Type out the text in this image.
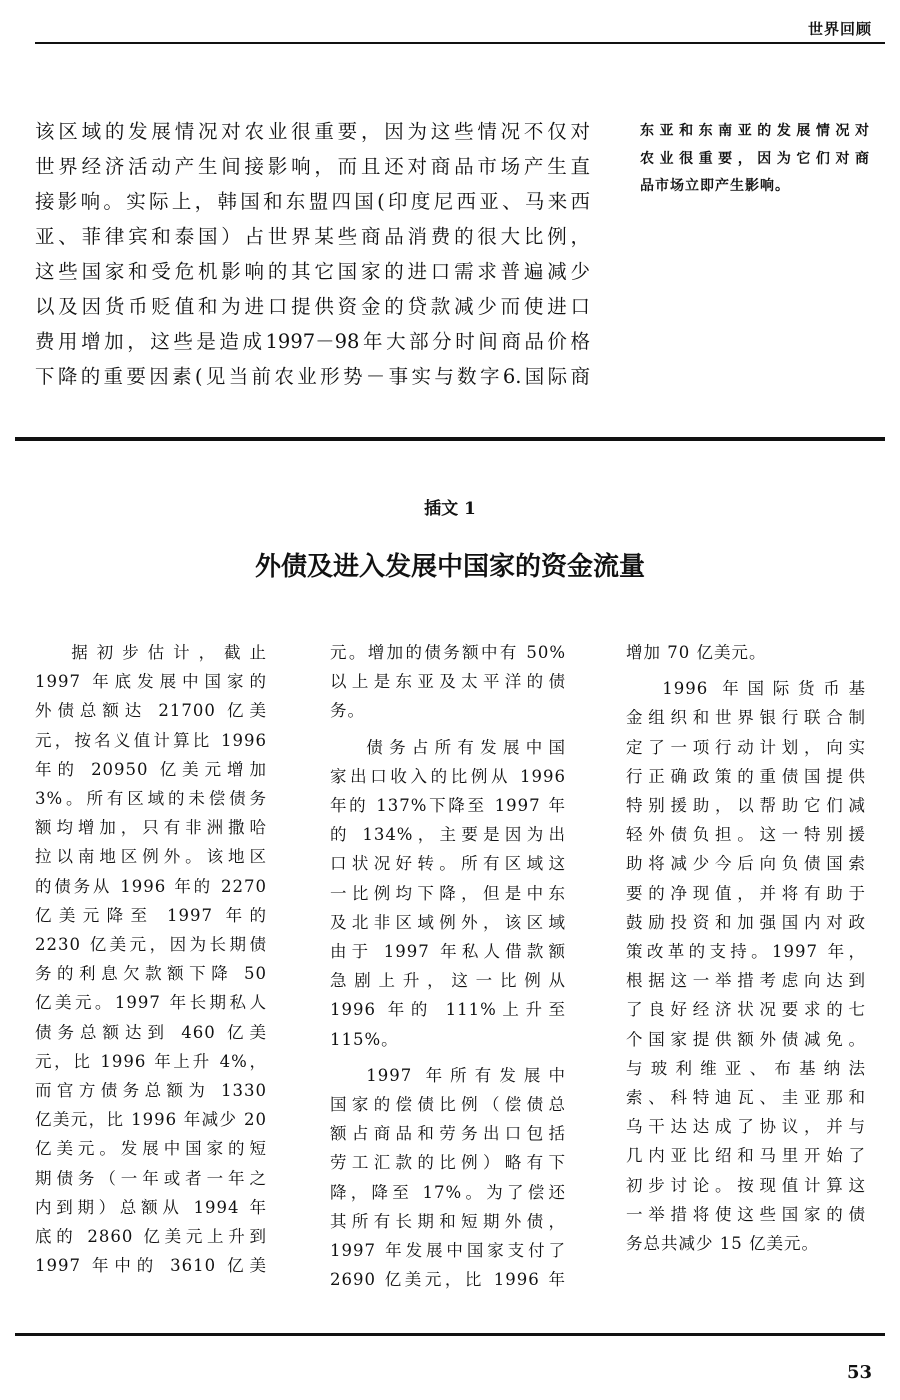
世界回顾
该区域的发展情况对农业很重要，因为这些情况不仅对
世界经济活动产生间接影响，而且还对商品市场产生直
接影响。实际上，韩国和东盟四国(印度尼西亚、马来西
亚、菲律宾和泰国）占世界某些商品消费的很大比例，
这些国家和受危机影响的其它国家的进口需求普遍减少
以及因货币贬值和为进口提供资金的贷款减少而使进口
费用增加，这些是造成1997－98年大部分时间商品价格
下降的重要因素(见当前农业形势－事实与数字6.国际商
东亚和东南亚的发展情况对
农业很重要，因为它们对商
品市场立即产生影响。
插文 1
外债及进入发展中国家的资金流量
据初步估计，截止
1997 年底发展中国家的
外债总额达 21700 亿美
元，按名义值计算比 1996
年的 20950 亿美元增加
3%。所有区域的未偿债务
额均增加，只有非洲撒哈
拉以南地区例外。该地区
的债务从 1996 年的 2270
亿美元降至 1997 年的
2230 亿美元，因为长期债
务的利息欠款额下降 50
亿美元。1997 年长期私人
债务总额达到 460 亿美
元，比 1996 年上升 4%，
而官方债务总额为 1330
亿美元，比 1996 年减少 20
亿美元。发展中国家的短
期债务（一年或者一年之
内到期）总额从 1994 年
底的 2860 亿美元上升到
1997 年中的 3610 亿美
元。增加的债务额中有 50%
以上是东亚及太平洋的债
务。
债务占所有发展中国
家出口收入的比例从 1996
年的 137%下降至 1997 年
的 134%，主要是因为出
口状况好转。所有区域这
一比例均下降，但是中东
及北非区域例外，该区域
由于 1997 年私人借款额
急剧上升，这一比例从
1996 年的 111%上升至
115%。
1997 年所有发展中
国家的偿债比例（偿债总
额占商品和劳务出口包括
劳工汇款的比例）略有下
降，降至 17%。为了偿还
其所有长期和短期外债，
1997 年发展中国家支付了
2690 亿美元，比 1996 年
增加 70 亿美元。
1996 年国际货币基
金组织和世界银行联合制
定了一项行动计划，向实
行正确政策的重债国提供
特别援助，以帮助它们减
轻外债负担。这一特别援
助将减少今后向负债国索
要的净现值，并将有助于
鼓励投资和加强国内对政
策改革的支持。1997 年，
根据这一举措考虑向达到
了良好经济状况要求的七
个国家提供额外债减免。
与玻利维亚、布基纳法
索、科特迪瓦、圭亚那和
乌干达达成了协议，并与
几内亚比绍和马里开始了
初步讨论。按现值计算这
一举措将使这些国家的债
务总共减少 15 亿美元。
53
